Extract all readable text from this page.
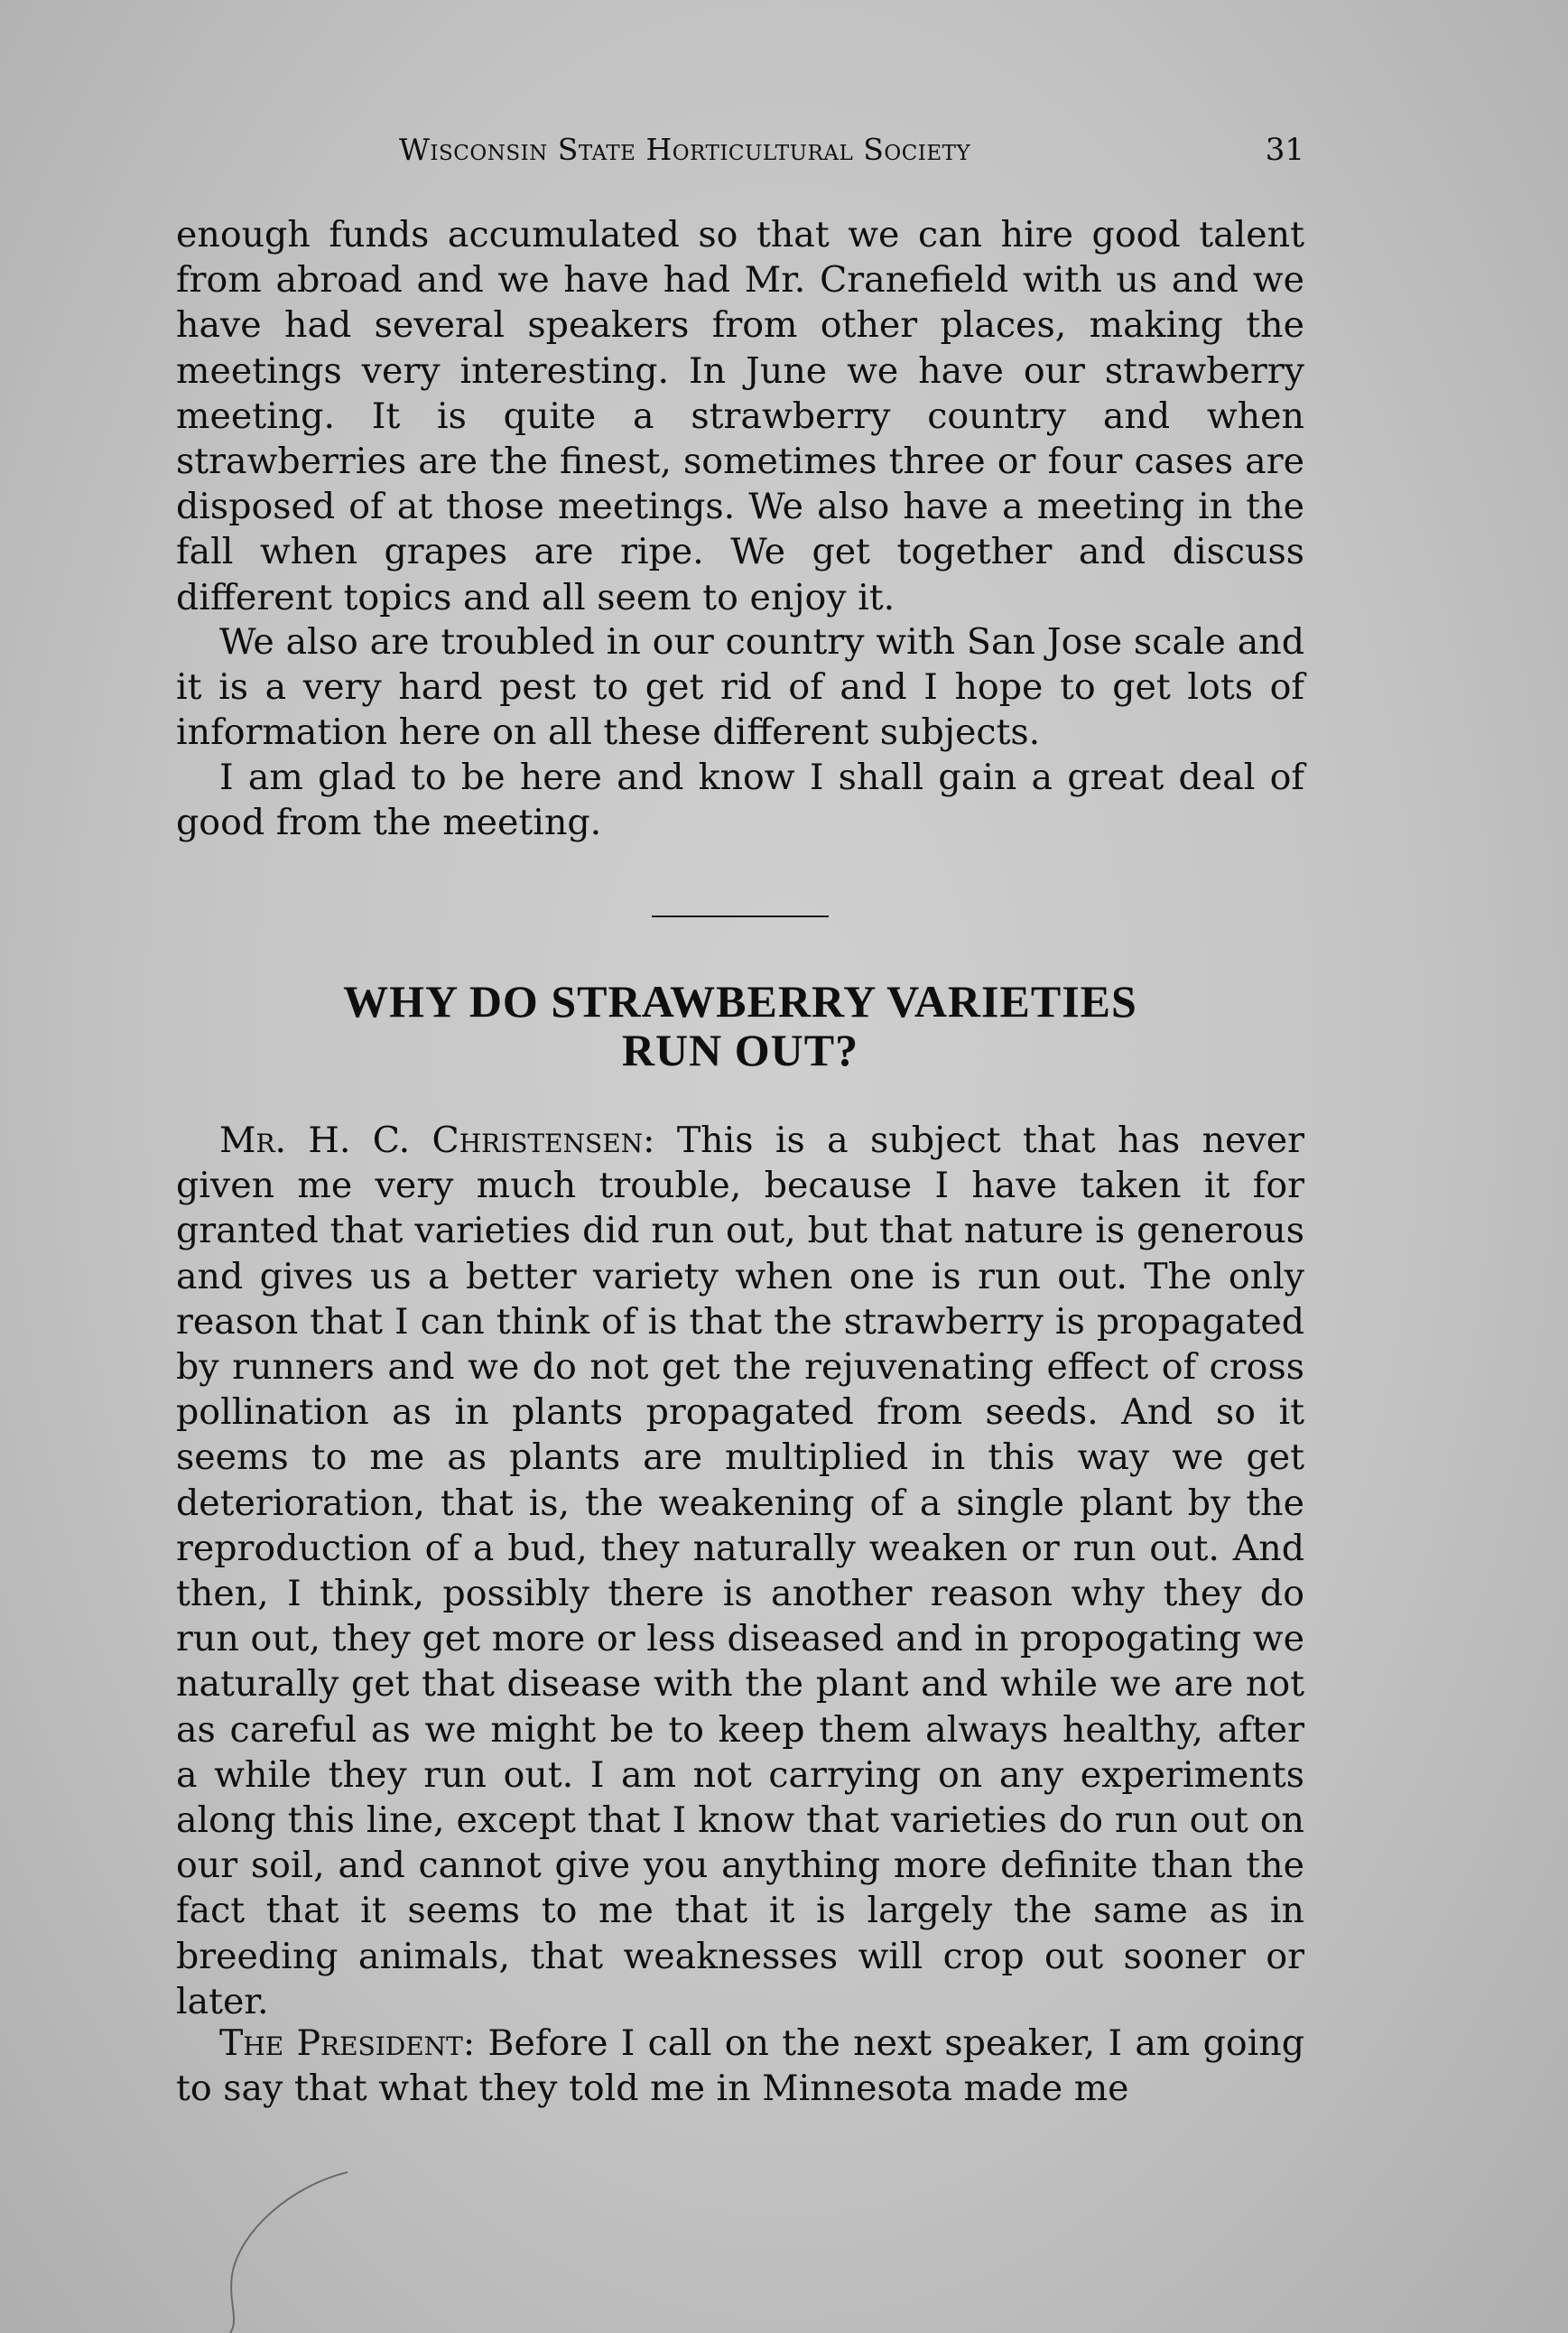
Wisconsin State Horticultural Society	31

enough funds accumulated so that we can hire good talent from abroad and we have had Mr. Cranefield with us and we have had several speakers from other places, making the meetings very interesting. In June we have our strawberry meeting. It is quite a strawberry country and when strawberries are the finest, sometimes three or four cases are disposed of at those meetings. We also have a meeting in the fall when grapes are ripe. We get together and discuss different topics and all seem to enjoy it.

We also are troubled in our country with San Jose scale and it is a very hard pest to get rid of and I hope to get lots of information here on all these different subjects.

I am glad to be here and know I shall gain a great deal of good from the meeting.

WHY DO STRAWBERRY VARIETIES
RUN OUT?

Mr. H. C. Christensen: This is a subject that has never given me very much trouble, because I have taken it for granted that varieties did run out, but that nature is generous and gives us a better variety when one is run out. The only reason that I can think of is that the strawberry is propagated by runners and we do not get the rejuvenating effect of cross pollination as in plants propagated from seeds. And so it seems to me as plants are multiplied in this way we get deterioration, that is, the weakening of a single plant by the reproduction of a bud, they naturally weaken or run out. And then, I think, possibly there is another reason why they do run out, they get more or less diseased and in propogating we naturally get that disease with the plant and while we are not as careful as we might be to keep them always healthy, after a while they run out. I am not carrying on any experiments along this line, except that I know that varieties do run out on our soil, and cannot give you anything more definite than the fact that it seems to me that it is largely the same as in breeding animals, that weaknesses will crop out sooner or later.

The President: Before I call on the next speaker, I am going to say that what they told me in Minnesota made me
